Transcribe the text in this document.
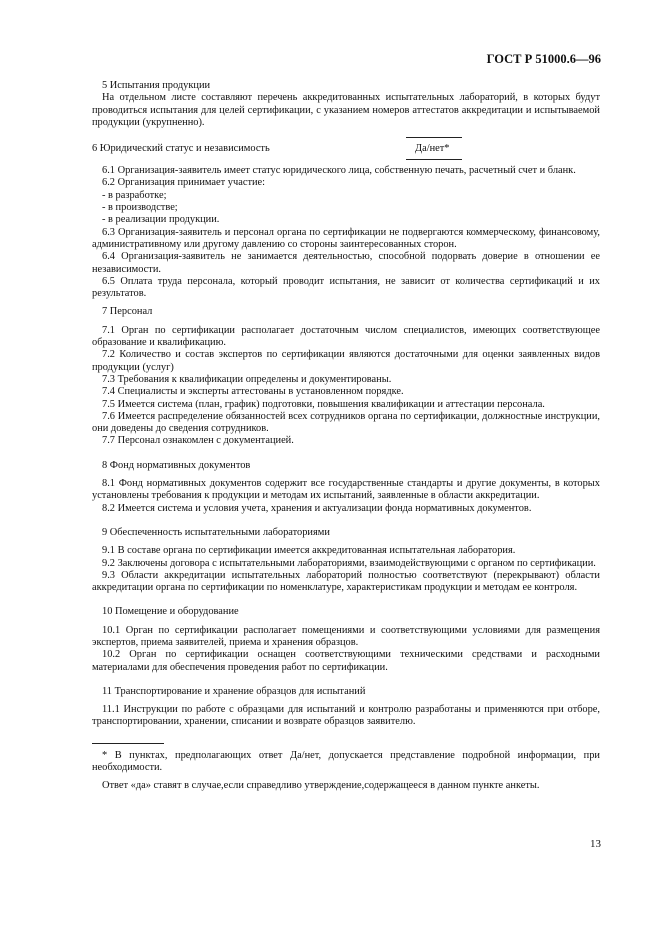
ГОСТ Р 51000.6—96
5 Испытания продукции
На отдельном листе составляют перечень аккредитованных испытательных лабораторий, в которых будут проводиться испытания для целей сертификации, с указанием номеров аттестатов аккредитации и испытываемой продукции (укрупненно).
6 Юридический статус и независимость	Да/нет*
6.1 Организация-заявитель имеет статус юридического лица, собственную печать, расчетный счет и бланк.
6.2 Организация принимает участие:
- в разработке;
- в производстве;
- в реализации продукции.
6.3 Организация-заявитель и персонал органа по сертификации не подвергаются коммерческому, финансовому, административному или другому давлению со стороны заинтересованных сторон.
6.4 Организация-заявитель не занимается деятельностью, способной подорвать доверие в отношении ее независимости.
6.5 Оплата труда персонала, который проводит испытания, не зависит от количества сертификаций и их результатов.
7 Персонал
7.1 Орган по сертификации располагает достаточным числом специалистов, имеющих соответствующее образование и квалификацию.
7.2 Количество и состав экспертов по сертификации являются достаточными для оценки заявленных видов продукции (услуг)
7.3 Требования к квалификации определены и документированы.
7.4 Специалисты и эксперты аттестованы в установленном порядке.
7.5 Имеется система (план, график) подготовки, повышения квалификации и аттестации персонала.
7.6 Имеется распределение обязанностей всех сотрудников органа по сертификации, должностные инструкции, они доведены до сведения сотрудников.
7.7 Персонал ознакомлен с документацией.
8 Фонд нормативных документов
8.1 Фонд нормативных документов содержит все государственные стандарты и другие документы, в которых установлены требования к продукции и методам их испытаний, заявленные в области аккредитации.
8.2 Имеется система и условия учета, хранения и актуализации фонда нормативных документов.
9 Обеспеченность испытательными лабораториями
9.1 В составе органа по сертификации имеется аккредитованная испытательная лаборатория.
9.2 Заключены договора с испытательными лабораториями, взаимодействующими с органом по сертификации.
9.3 Области аккредитации испытательных лабораторий полностью соответствуют (перекрывают) области аккредитации органа по сертификации по номенклатуре, характеристикам продукции и методам ее контроля.
10 Помещение и оборудование
10.1 Орган по сертификации располагает помещениями и соответствующими условиями для размещения экспертов, приема заявителей, приема и хранения образцов.
10.2 Орган по сертификации оснащен соответствующими техническими средствами и расходными материалами для обеспечения проведения работ по сертификации.
11 Транспортирование и хранение образцов для испытаний
11.1 Инструкции по работе с образцами для испытаний и контролю разработаны и применяются при отборе, транспортировании, хранении, списании и возврате образцов заявителю.
* В пунктах, предполагающих ответ Да/нет, допускается представление подробной информации, при необходимости.
Ответ «да» ставят в случае,если справедливо утверждение,содержащееся в данном пункте анкеты.
13
